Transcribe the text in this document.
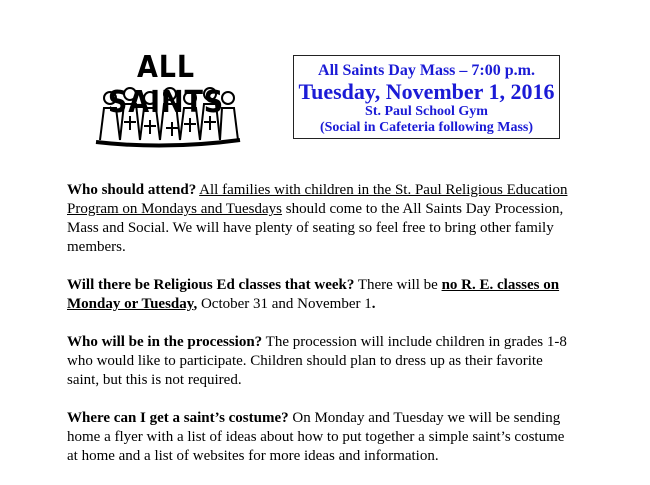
ALL SAINTS
All Saints Day Mass – 7:00 p.m.
Tuesday, November 1, 2016
St. Paul School Gym
(Social in Cafeteria following Mass)

Who should attend? All families with children in the St. Paul Religious Education Program on Mondays and Tuesdays should come to the All Saints Day Procession, Mass and Social. We will have plenty of seating so feel free to bring other family members.

Will there be Religious Ed classes that week? There will be no R. E. classes on Monday or Tuesday, October 31 and November 1.

Who will be in the procession? The procession will include children in grades 1-8 who would like to participate. Children should plan to dress up as their favorite saint, but this is not required.

Where can I get a saint’s costume? On Monday and Tuesday we will be sending home a flyer with a list of ideas about how to put together a simple saint’s costume at home and a list of websites for more ideas and information.
